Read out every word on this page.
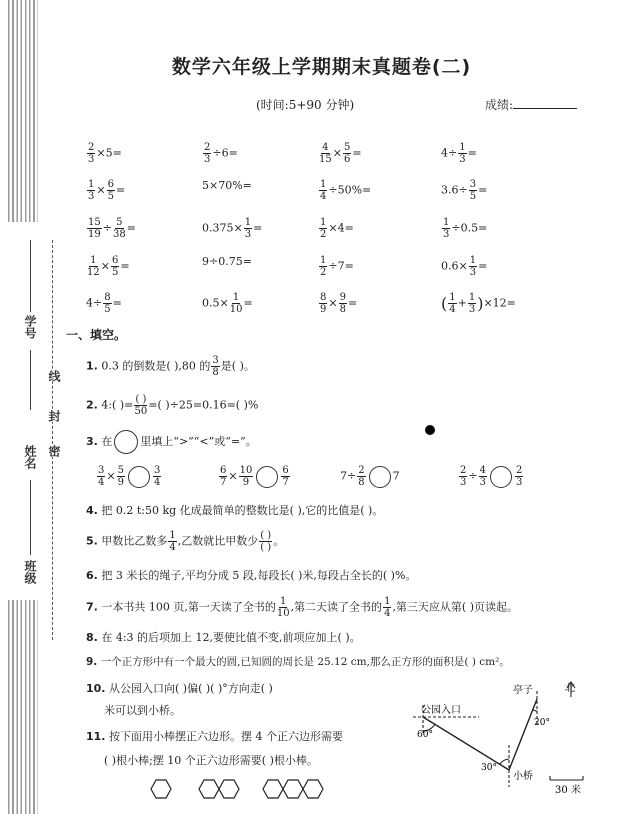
学号
姓名
班级
线
封
密
数学六年级上学期期末真题卷(二)
(时间:5+90 分钟)	成绩:
$\frac{2}{3} \times 5=$	$\frac{2}{3} \div 6=$	$\frac{4}{15} \times \frac{5}{6}$ =	$4\div \frac{1}{3}$ =
$\frac{1}{3} \times \frac{6}{5}$ =	5×70%=	$\frac{1}{4} \div 50\%=$	$3.6\div \frac{3}{5}$ =
$\frac{15}{19} \div \frac{5}{38}$ =	$0.375\times \frac{1}{3}$ =	$\frac{1}{2} \times 4=$	$\frac{1}{3} \div 0.5=$
$\frac{1}{12} \times \frac{6}{5}$ =	9÷0.75=	$\frac{1}{2} \div 7=$	$0.6\times \frac{1}{3}$ =
$4\div \frac{8}{5}$ =	$0.5\times \frac{1}{10}$ =	$\frac{8}{9} \times \frac{9}{8}$ =	( $\frac{1}{4} + \frac{1}{3} )\times 12=$
一、填空。
1. 0.3 的倒数是( ),80 的 $\frac{3}{8}$ 是( )。
2. 4:( )= $\frac{( )}{50}$ =( )÷25=0.16=( )%
3. 在	里填上“>”“<”或“=”。
$\frac{3}{4} \times \frac{5}{9}$	$\frac{3}{4}$	$\frac{6}{7} \times \frac{10}{9}$	$\frac{6}{7}$	$7\div \frac{2}{8} 7$	$\frac{2}{3} \div \frac{4}{3}$	$\frac{2}{3}$
4. 把 0.2 t:50 kg 化成最简单的整数比是( ),它的比值是( )。
5. 甲数比乙数多 $\frac{1}{4}$ ,乙数就比甲数少 $\frac{( )}{( )}$ 。
6. 把 3 米长的绳子,平均分成 5 段,每段长( )米,每段占全长的( )%。
7. 一本书共 100 页,第一天读了全书的 $\frac{1}{10}$ ,第二天读了全书的 $\frac{1}{4}$ ,第三天应从第( )页读起。
8. 在 4:3 的后项加上 12,要使比值不变,前项应加上( )。
9. 一个正方形中有一个最大的圆,已知圆的周长是 25.12 cm,那么正方形的面积是( ) cm²。
10. 从公园入口向( )偏( )( )°方向走( )
米可以到小桥。
11. 按下面用小棒摆正六边形。摆 4 个正六边形需要
( )根小棒;摆 10 个正六边形需要( )根小棒。
北
亭子
公园入口
小桥
60°
20°
30°
30 米
